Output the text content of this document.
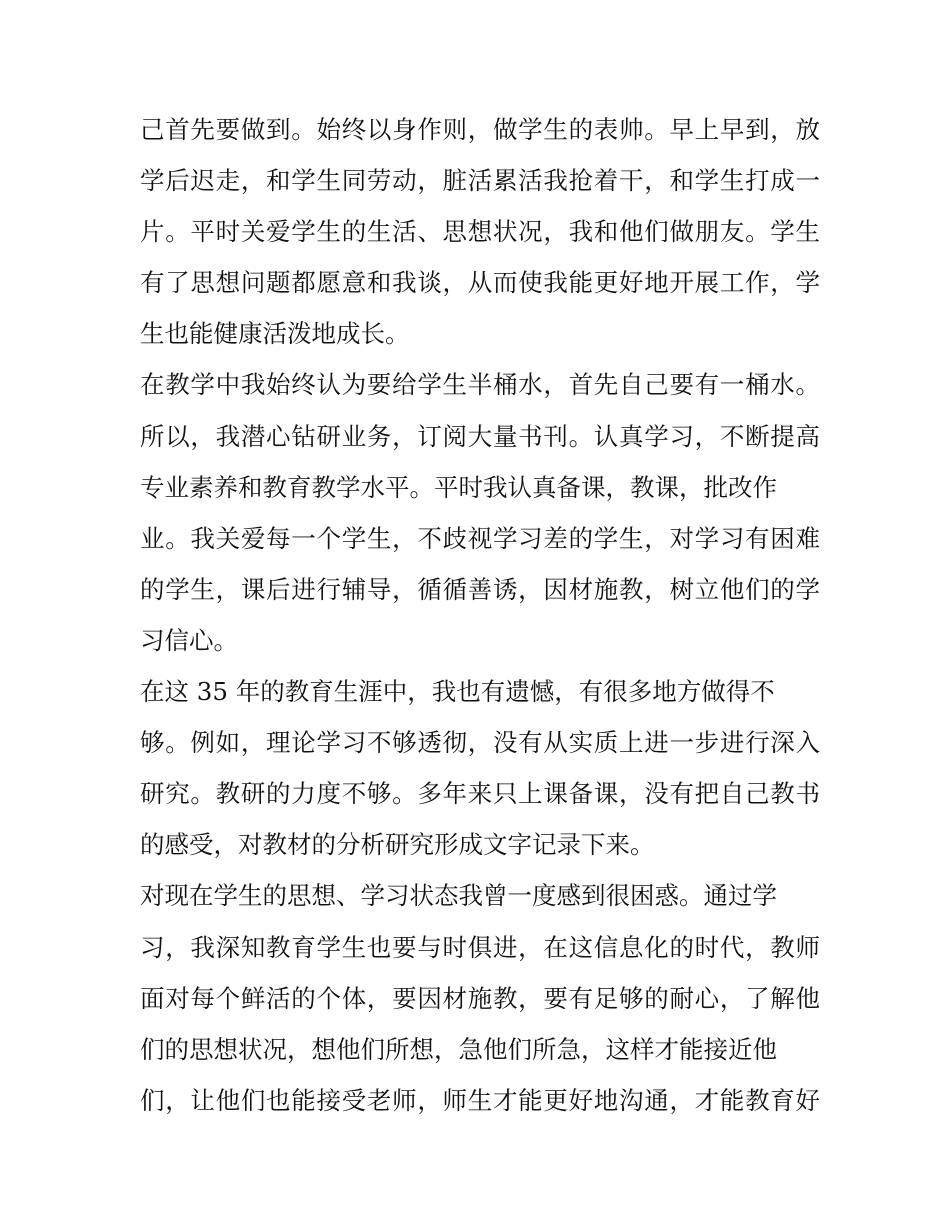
己首先要做到。始终以身作则，做学生的表帅。早上早到，放
学后迟走，和学生同劳动，脏活累活我抢着干，和学生打成一
片。平时关爱学生的生活、思想状况，我和他们做朋友。学生
有了思想问题都愿意和我谈，从而使我能更好地开展工作，学
生也能健康活泼地成长。
在教学中我始终认为要给学生半桶水，首先自己要有一桶水。
所以，我潜心钻研业务，订阅大量书刊。认真学习，不断提高
专业素养和教育教学水平。平时我认真备课，教课，批改作
业。我关爱每一个学生，不歧视学习差的学生，对学习有困难
的学生，课后进行辅导，循循善诱，因材施教，树立他们的学
习信心。
在这 35 年的教育生涯中，我也有遗憾，有很多地方做得不
够。例如，理论学习不够透彻，没有从实质上进一步进行深入
研究。教研的力度不够。多年来只上课备课，没有把自己教书
的感受，对教材的分析研究形成文字记录下来。
对现在学生的思想、学习状态我曾一度感到很困惑。通过学
习，我深知教育学生也要与时俱进，在这信息化的时代，教师
面对每个鲜活的个体，要因材施教，要有足够的耐心，了解他
们的思想状况，想他们所想，急他们所急，这样才能接近他
们，让他们也能接受老师，师生才能更好地沟通，才能教育好
